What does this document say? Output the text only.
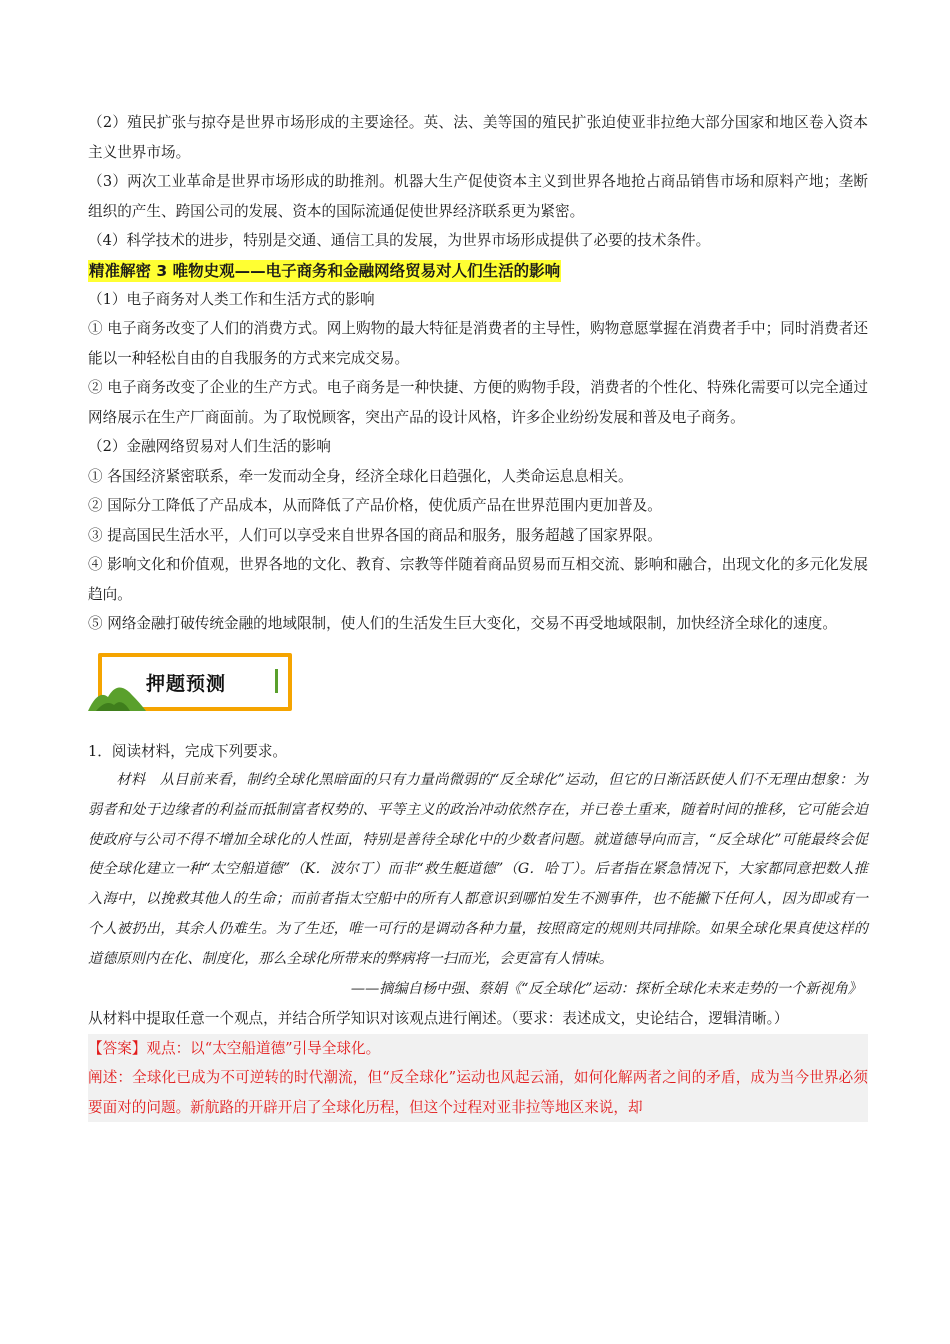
（2）殖民扩张与掠夺是世界市场形成的主要途径。英、法、美等国的殖民扩张迫使亚非拉绝大部分国家和地区卷入资本主义世界市场。

（3）两次工业革命是世界市场形成的助推剂。机器大生产促使资本主义到世界各地抢占商品销售市场和原料产地；垄断组织的产生、跨国公司的发展、资本的国际流通促使世界经济联系更为紧密。

（4）科学技术的进步，特别是交通、通信工具的发展，为世界市场形成提供了必要的技术条件。

精准解密 3 唯物史观——电子商务和金融网络贸易对人们生活的影响

（1）电子商务对人类工作和生活方式的影响

① 电子商务改变了人们的消费方式。网上购物的最大特征是消费者的主导性，购物意愿掌握在消费者手中；同时消费者还能以一种轻松自由的自我服务的方式来完成交易。

② 电子商务改变了企业的生产方式。电子商务是一种快捷、方便的购物手段，消费者的个性化、特殊化需要可以完全通过网络展示在生产厂商面前。为了取悦顾客，突出产品的设计风格，许多企业纷纷发展和普及电子商务。

（2）金融网络贸易对人们生活的影响

① 各国经济紧密联系，牵一发而动全身，经济全球化日趋强化，人类命运息息相关。

② 国际分工降低了产品成本，从而降低了产品价格，使优质产品在世界范围内更加普及。

③ 提高国民生活水平，人们可以享受来自世界各国的商品和服务，服务超越了国家界限。

④ 影响文化和价值观，世界各地的文化、教育、宗教等伴随着商品贸易而互相交流、影响和融合，出现文化的多元化发展趋向。

⑤ 网络金融打破传统金融的地域限制，使人们的生活发生巨大变化，交易不再受地域限制，加快经济全球化的速度。

押题预测

1．阅读材料，完成下列要求。

材料　从目前来看，制约全球化黑暗面的只有力量尚微弱的“反全球化”运动，但它的日渐活跃使人们不无理由想象：为弱者和处于边缘者的利益而抵制富者权势的、平等主义的政治冲动依然存在，并已卷土重来，随着时间的推移，它可能会迫使政府与公司不得不增加全球化的人性面，特别是善待全球化中的少数者问题。就道德导向而言，“反全球化”可能最终会促使全球化建立一种“太空船道德”（K．波尔丁）而非“救生艇道德”（G．哈丁）。后者指在紧急情况下，大家都同意把数人推入海中，以挽救其他人的生命；而前者指太空船中的所有人都意识到哪怕发生不测事件，也不能撇下任何人，因为即或有一个人被扔出，其余人仍难生。为了生还，唯一可行的是调动各种力量，按照商定的规则共同排除。如果全球化果真使这样的道德原则内在化、制度化，那么全球化所带来的弊病将一扫而光，会更富有人情味。

——摘编自杨中强、蔡娟《“反全球化”运动：探析全球化未来走势的一个新视角》

从材料中提取任意一个观点，并结合所学知识对该观点进行阐述。（要求：表述成文，史论结合，逻辑清晰。）

【答案】观点：以“太空船道德”引导全球化。

阐述：全球化已成为不可逆转的时代潮流，但“反全球化”运动也风起云涌，如何化解两者之间的矛盾，成为当今世界必须要面对的问题。新航路的开辟开启了全球化历程，但这个过程对亚非拉等地区来说，却
